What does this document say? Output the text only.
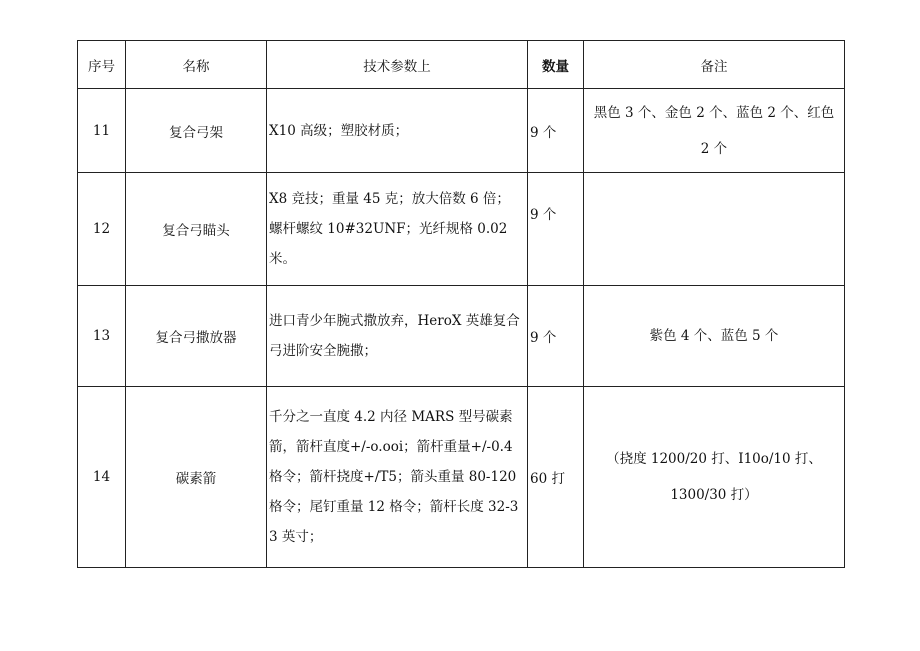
序号	名称	技术参数上	数量	备注
11	复合弓架	X10 高级；塑胶材质；	9 个	黑色 3 个、金色 2 个、蓝色 2 个、红色 2 个
12	复合弓瞄头	X8 竞技；重量 45 克；放大倍数 6 倍；螺杆螺纹 10#32UNF；光纤规格 0.02 米。	9 个	
13	复合弓撒放器	进口青少年腕式撒放弃，HeroX 英雄复合弓进阶安全腕撒；	9 个	紫色 4 个、蓝色 5 个
14	碳素箭	千分之一直度 4.2 内径 MARS 型号碳素箭，箭杆直度+/-o.ooi；箭杆重量+/-0.4 格令；箭杆挠度+/T5；箭头重量 80-120 格令；尾钉重量 12 格令；箭杆长度 32-33 英寸；	60 打	（挠度 1200/20 打、I10o/10 打、1300/30 打）
